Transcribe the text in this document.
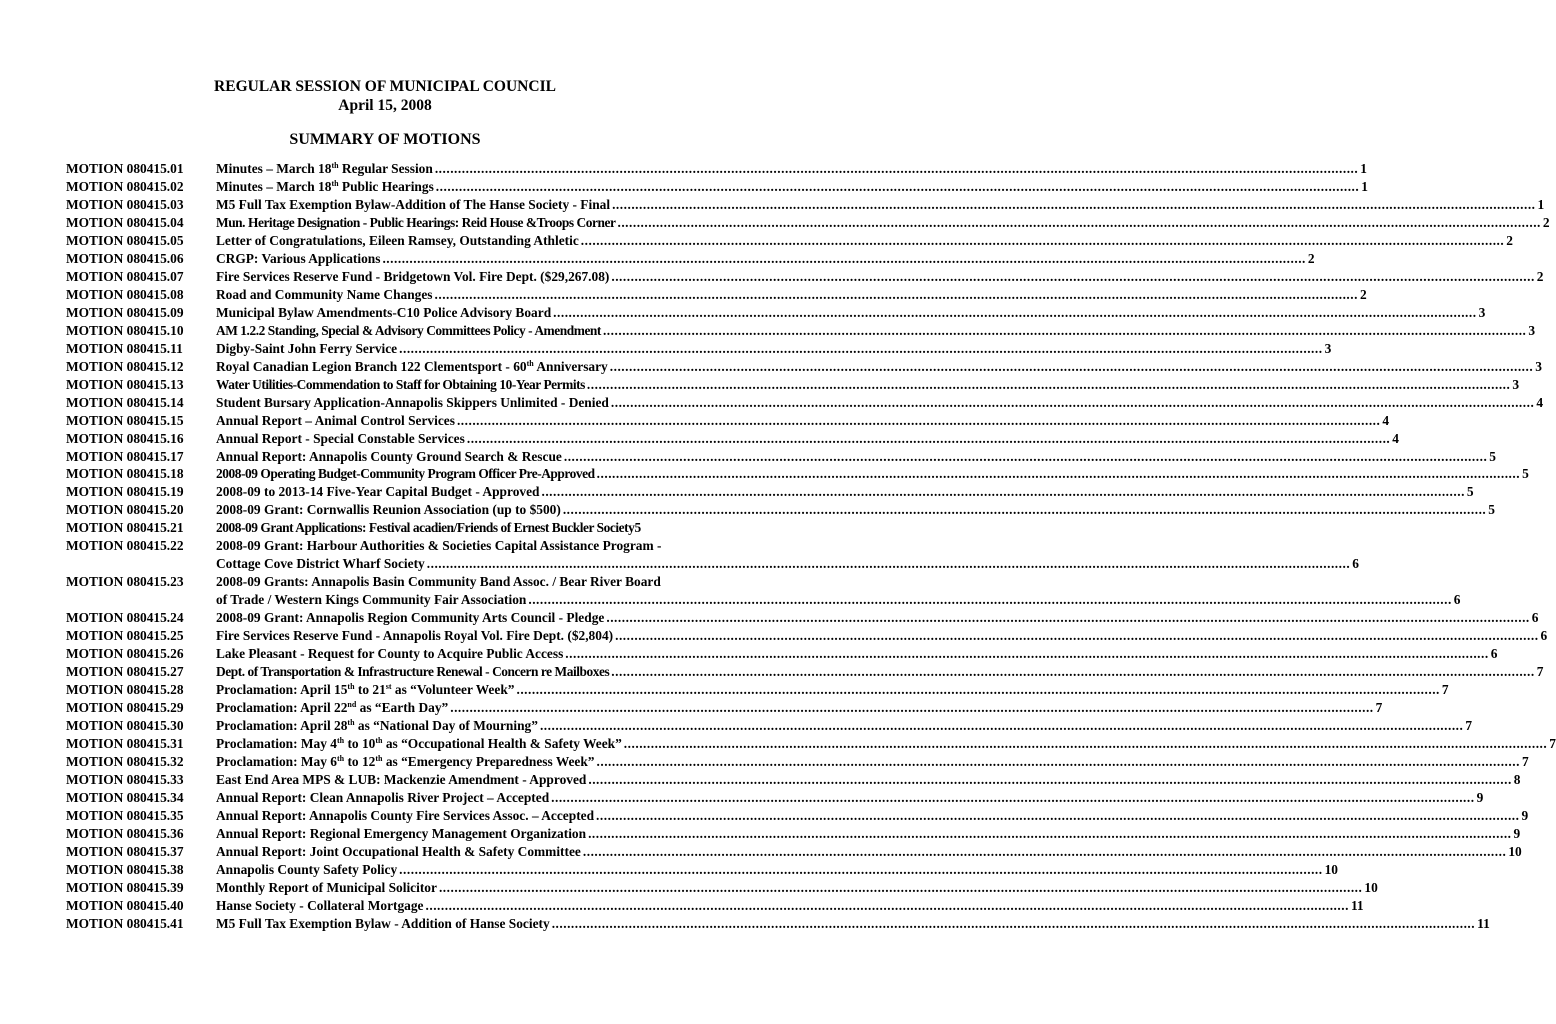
REGULAR SESSION OF MUNICIPAL COUNCIL
April 15, 2008
SUMMARY OF MOTIONS
MOTION 080415.01	Minutes – March 18th Regular Session ................................................................................................................................................................................................................................................ 1
MOTION 080415.02	Minutes – March 18th Public Hearings ................................................................................................................................................................................................................................................ 1
MOTION 080415.03	M5 Full Tax Exemption Bylaw-Addition of The Hanse Society - Final ................................................................................................................................................................................................................................................ 1
MOTION 080415.04	Mun. Heritage Designation - Public Hearings: Reid House &Troops Corner ................................................................................................................................................................................................................................................ 2
MOTION 080415.05	Letter of Congratulations, Eileen Ramsey, Outstanding Athletic ................................................................................................................................................................................................................................................ 2
MOTION 080415.06	CRGP: Various Applications ................................................................................................................................................................................................................................................ 2
MOTION 080415.07	Fire Services Reserve Fund - Bridgetown Vol. Fire Dept. ($29,267.08) ................................................................................................................................................................................................................................................ 2
MOTION 080415.08	Road and Community Name Changes ................................................................................................................................................................................................................................................ 2
MOTION 080415.09	Municipal Bylaw Amendments-C10 Police Advisory Board ................................................................................................................................................................................................................................................ 3
MOTION 080415.10	AM 1.2.2 Standing, Special & Advisory Committees Policy - Amendment ................................................................................................................................................................................................................................................ 3
MOTION 080415.11	Digby-Saint John Ferry Service ................................................................................................................................................................................................................................................ 3
MOTION 080415.12	Royal Canadian Legion Branch 122 Clementsport - 60th Anniversary ................................................................................................................................................................................................................................................ 3
MOTION 080415.13	Water Utilities-Commendation to Staff for Obtaining 10-Year Permits ................................................................................................................................................................................................................................................ 3
MOTION 080415.14	Student Bursary Application-Annapolis Skippers Unlimited - Denied ................................................................................................................................................................................................................................................ 4
MOTION 080415.15	Annual Report – Animal Control Services ................................................................................................................................................................................................................................................ 4
MOTION 080415.16	Annual Report - Special Constable Services ................................................................................................................................................................................................................................................ 4
MOTION 080415.17	Annual Report: Annapolis County Ground Search & Rescue ................................................................................................................................................................................................................................................ 5
MOTION 080415.18	2008-09 Operating Budget-Community Program Officer Pre-Approved ................................................................................................................................................................................................................................................ 5
MOTION 080415.19	2008-09 to 2013-14 Five-Year Capital Budget - Approved ................................................................................................................................................................................................................................................ 5
MOTION 080415.20	2008-09 Grant: Cornwallis Reunion Association (up to $500) ................................................................................................................................................................................................................................................ 5
MOTION 080415.21	2008-09 Grant Applications: Festival acadien/Friends of Ernest Buckler Society 5
MOTION 080415.22	2008-09 Grant: Harbour Authorities & Societies Capital Assistance Program -
Cottage Cove District Wharf Society ................................................................................................................................................................................................................................................ 6
MOTION 080415.23	2008-09 Grants: Annapolis Basin Community Band Assoc. / Bear River Board
of Trade / Western Kings Community Fair Association ................................................................................................................................................................................................................................................ 6
MOTION 080415.24	2008-09 Grant: Annapolis Region Community Arts Council - Pledge ................................................................................................................................................................................................................................................ 6
MOTION 080415.25	Fire Services Reserve Fund - Annapolis Royal Vol. Fire Dept. ($2,804) ................................................................................................................................................................................................................................................ 6
MOTION 080415.26	Lake Pleasant - Request for County to Acquire Public Access ................................................................................................................................................................................................................................................ 6
MOTION 080415.27	Dept. of Transportation & Infrastructure Renewal - Concern re Mailboxes ................................................................................................................................................................................................................................................ 7
MOTION 080415.28	Proclamation: April 15th to 21st as “Volunteer Week” ................................................................................................................................................................................................................................................ 7
MOTION 080415.29	Proclamation: April 22nd as “Earth Day” ................................................................................................................................................................................................................................................ 7
MOTION 080415.30	Proclamation: April 28th as “National Day of Mourning” ................................................................................................................................................................................................................................................ 7
MOTION 080415.31	Proclamation: May 4th to 10th as “Occupational Health & Safety Week” ................................................................................................................................................................................................................................................ 7
MOTION 080415.32	Proclamation: May 6th to 12th as “Emergency Preparedness Week” ................................................................................................................................................................................................................................................ 7
MOTION 080415.33	East End Area MPS & LUB: Mackenzie Amendment - Approved ................................................................................................................................................................................................................................................ 8
MOTION 080415.34	Annual Report: Clean Annapolis River Project – Accepted ................................................................................................................................................................................................................................................ 9
MOTION 080415.35	Annual Report: Annapolis County Fire Services Assoc. – Accepted ................................................................................................................................................................................................................................................ 9
MOTION 080415.36	Annual Report: Regional Emergency Management Organization ................................................................................................................................................................................................................................................ 9
MOTION 080415.37	Annual Report: Joint Occupational Health & Safety Committee ................................................................................................................................................................................................................................................ 10
MOTION 080415.38	Annapolis County Safety Policy ................................................................................................................................................................................................................................................ 10
MOTION 080415.39	Monthly Report of Municipal Solicitor ................................................................................................................................................................................................................................................ 10
MOTION 080415.40	Hanse Society - Collateral Mortgage ................................................................................................................................................................................................................................................ 11
MOTION 080415.41	M5 Full Tax Exemption Bylaw - Addition of Hanse Society ................................................................................................................................................................................................................................................ 11
